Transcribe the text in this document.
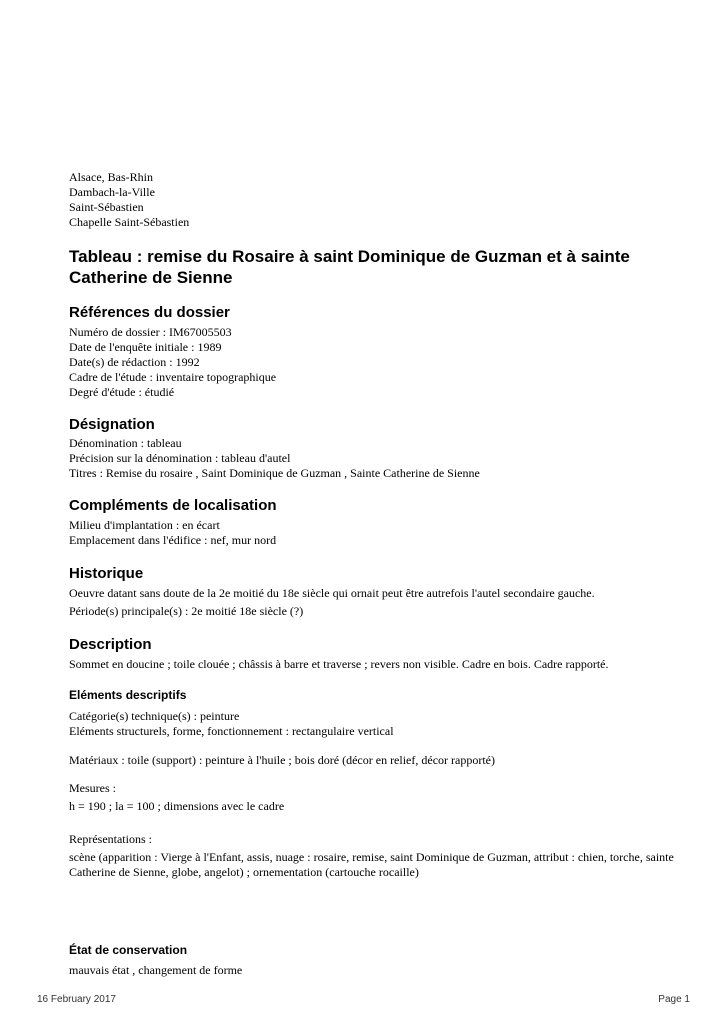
Alsace, Bas-Rhin
Dambach-la-Ville
Saint-Sébastien
Chapelle Saint-Sébastien
Tableau : remise du Rosaire à saint Dominique de Guzman et à sainte Catherine de Sienne
Références du dossier
Numéro de dossier : IM67005503
Date de l'enquête initiale : 1989
Date(s) de rédaction : 1992
Cadre de l'étude : inventaire topographique
Degré d'étude : étudié
Désignation
Dénomination : tableau
Précision sur la dénomination : tableau d'autel
Titres : Remise du rosaire , Saint Dominique de Guzman , Sainte Catherine de Sienne
Compléments de localisation
Milieu d'implantation : en écart
Emplacement dans l'édifice : nef, mur nord
Historique
Oeuvre datant sans doute de la 2e moitié du 18e siècle qui ornait peut être autrefois l'autel secondaire gauche.
Période(s) principale(s) : 2e moitié 18e siècle (?)
Description
Sommet en doucine ; toile clouée ; châssis à barre et traverse ; revers non visible. Cadre en bois. Cadre rapporté.
Eléments descriptifs
Catégorie(s) technique(s) : peinture
Eléments structurels, forme, fonctionnement : rectangulaire vertical
Matériaux : toile (support) : peinture à l'huile ; bois doré (décor en relief, décor rapporté)
Mesures :
h = 190 ; la = 100 ; dimensions avec le cadre
Représentations :
scène (apparition : Vierge à l'Enfant, assis, nuage : rosaire, remise, saint Dominique de Guzman, attribut : chien, torche, sainte Catherine de Sienne, globe, angelot) ; ornementation (cartouche rocaille)
État de conservation
mauvais état , changement de forme
16 February 2017	Page 1
